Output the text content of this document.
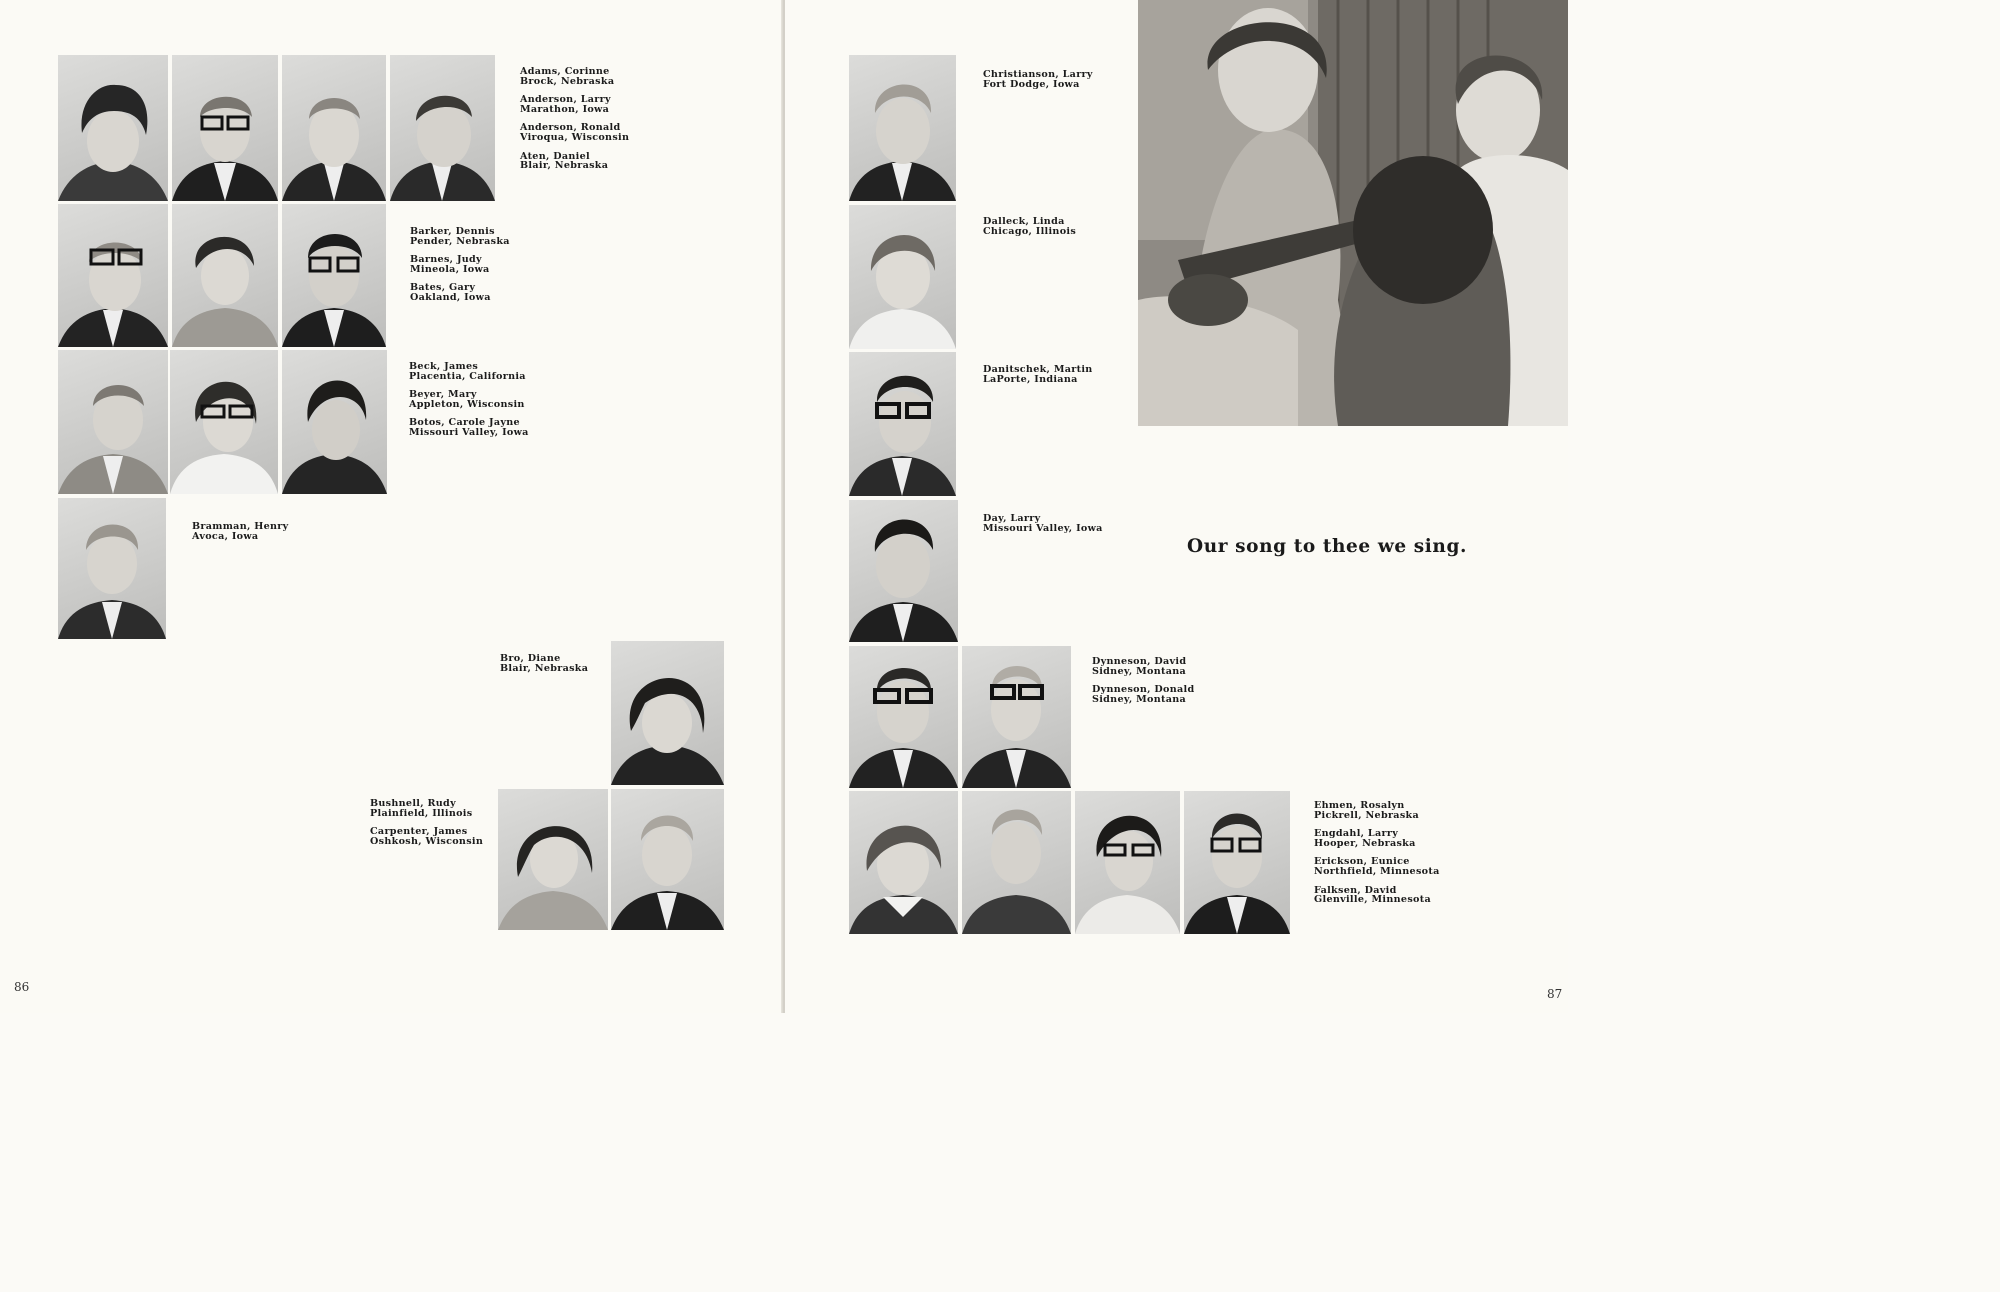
Adams, Corinne
Brock, Nebraska
Anderson, Larry
Marathon, Iowa
Anderson, Ronald
Viroqua, Wisconsin
Aten, Daniel
Blair, Nebraska
Barker, Dennis
Pender, Nebraska
Barnes, Judy
Mineola, Iowa
Bates, Gary
Oakland, Iowa
Beck, James
Placentia, California
Beyer, Mary
Appleton, Wisconsin
Botos, Carole Jayne
Missouri Valley, Iowa
Bramman, Henry
Avoca, Iowa
Bro, Diane
Blair, Nebraska
Bushnell, Rudy
Plainfield, Illinois
Carpenter, James
Oshkosh, Wisconsin
86	87
Christianson, Larry
Fort Dodge, Iowa
Dalleck, Linda
Chicago, Illinois
Danitschek, Martin
LaPorte, Indiana
Day, Larry
Missouri Valley, Iowa
Dynneson, David
Sidney, Montana
Dynneson, Donald
Sidney, Montana
Ehmen, Rosalyn
Pickrell, Nebraska
Engdahl, Larry
Hooper, Nebraska
Erickson, Eunice
Northfield, Minnesota
Falksen, David
Glenville, Minnesota
Our song to thee we sing.
